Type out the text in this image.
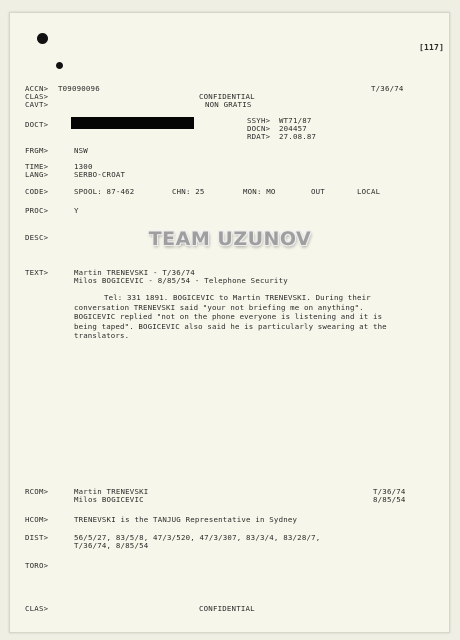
[117]
ACCN> T09090096
CLAS>	CONFIDENTIAL
CAVT>	NON GRATIS
T/36/74
DOCT>	SSYH> WT71/87
DOCN> 204457
RDAT> 27.08.87
FRGM>	NSW
TIME>	1300
LANG>	SERBO-CROAT
CODE>	SPOOL: 87-462	CHN: 25	MON: MO	OUT	LOCAL
PROC>	Y
DESC>	TEAM UZUNOV
TEXT>	Martin TRENEVSKI - T/36/74
Milos BOGICEVIC - 8/85/54 - Telephone Security
Tel: 331 1891. BOGICEVIC to Martin TRENEVSKI. During their conversation TRENEVSKI said "your not briefing me on anything". BOGICEVIC replied "not on the phone everyone is listening and it is being taped". BOGICEVIC also said he is particularly swearing at the translators.
RCOM>	Martin TRENEVSKI	T/36/74
Milos BOGICEVIC	8/85/54
HCOM>	TRENEVSKI is the TANJUG Representative in Sydney
DIST>	56/5/27, 83/5/8, 47/3/520, 47/3/307, 83/3/4, 83/28/7,
T/36/74, 8/85/54
TORO>
CLAS>	CONFIDENTIAL
